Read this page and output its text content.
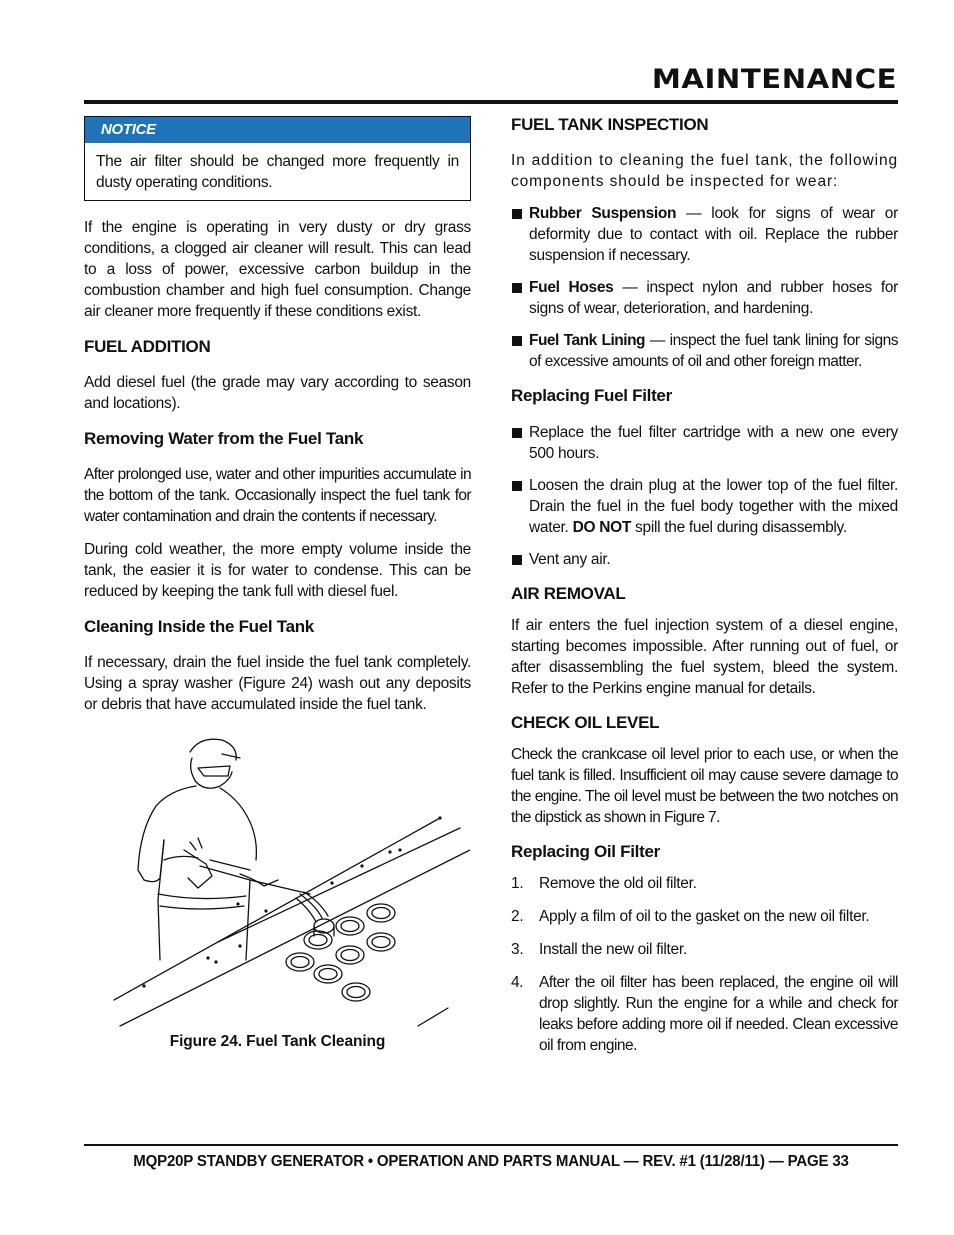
MAINTENANCE
NOTICE
The air filter should be changed more frequently in dusty operating conditions.

If the engine is operating in very dusty or dry grass conditions, a clogged air cleaner will result. This can lead to a loss of power, excessive carbon buildup in the combustion chamber and high fuel consumption. Change air cleaner more frequently if these conditions exist.

FUEL ADDITION

Add diesel fuel (the grade may vary according to season and locations).

Removing Water from the Fuel Tank

After prolonged use, water and other impurities accumulate in the bottom of the tank. Occasionally inspect the fuel tank for water contamination and drain the contents if necessary.

During cold weather, the more empty volume inside the tank, the easier it is for water to condense. This can be reduced by keeping the tank full with diesel fuel.

Cleaning Inside the Fuel Tank

If necessary, drain the fuel inside the fuel tank completely. Using a spray washer (Figure 24) wash out any deposits or debris that have accumulated inside the fuel tank.

Figure 24. Fuel Tank Cleaning
FUEL TANK INSPECTION

In addition to cleaning the fuel tank, the following components should be inspected for wear:

Rubber Suspension — look for signs of wear or deformity due to contact with oil. Replace the rubber suspension if necessary.
Fuel Hoses — inspect nylon and rubber hoses for signs of wear, deterioration, and hardening.
Fuel Tank Lining — inspect the fuel tank lining for signs of excessive amounts of oil and other foreign matter.
Replacing Fuel Filter
Replace the fuel filter cartridge with a new one every 500 hours.
Loosen the drain plug at the lower top of the fuel filter. Drain the fuel in the fuel body together with the mixed water. DO NOT spill the fuel during disassembly.
Vent any air.
AIR REMOVAL

If air enters the fuel injection system of a diesel engine, starting becomes impossible. After running out of fuel, or after disassembling the fuel system, bleed the system. Refer to the Perkins engine manual for details.

CHECK OIL LEVEL

Check the crankcase oil level prior to each use, or when the fuel tank is filled. Insufficient oil may cause severe damage to the engine. The oil level must be between the two notches on the dipstick as shown in Figure 7.

Replacing Oil Filter
1. Remove the old oil filter.
2. Apply a film of oil to the gasket on the new oil filter.
3. Install the new oil filter.
4. After the oil filter has been replaced, the engine oil will drop slightly. Run the engine for a while and check for leaks before adding more oil if needed. Clean excessive oil from engine.
MQP20P STANDBY GENERATOR • OPERATION AND PARTS MANUAL — REV. #1 (11/28/11) — PAGE 33
